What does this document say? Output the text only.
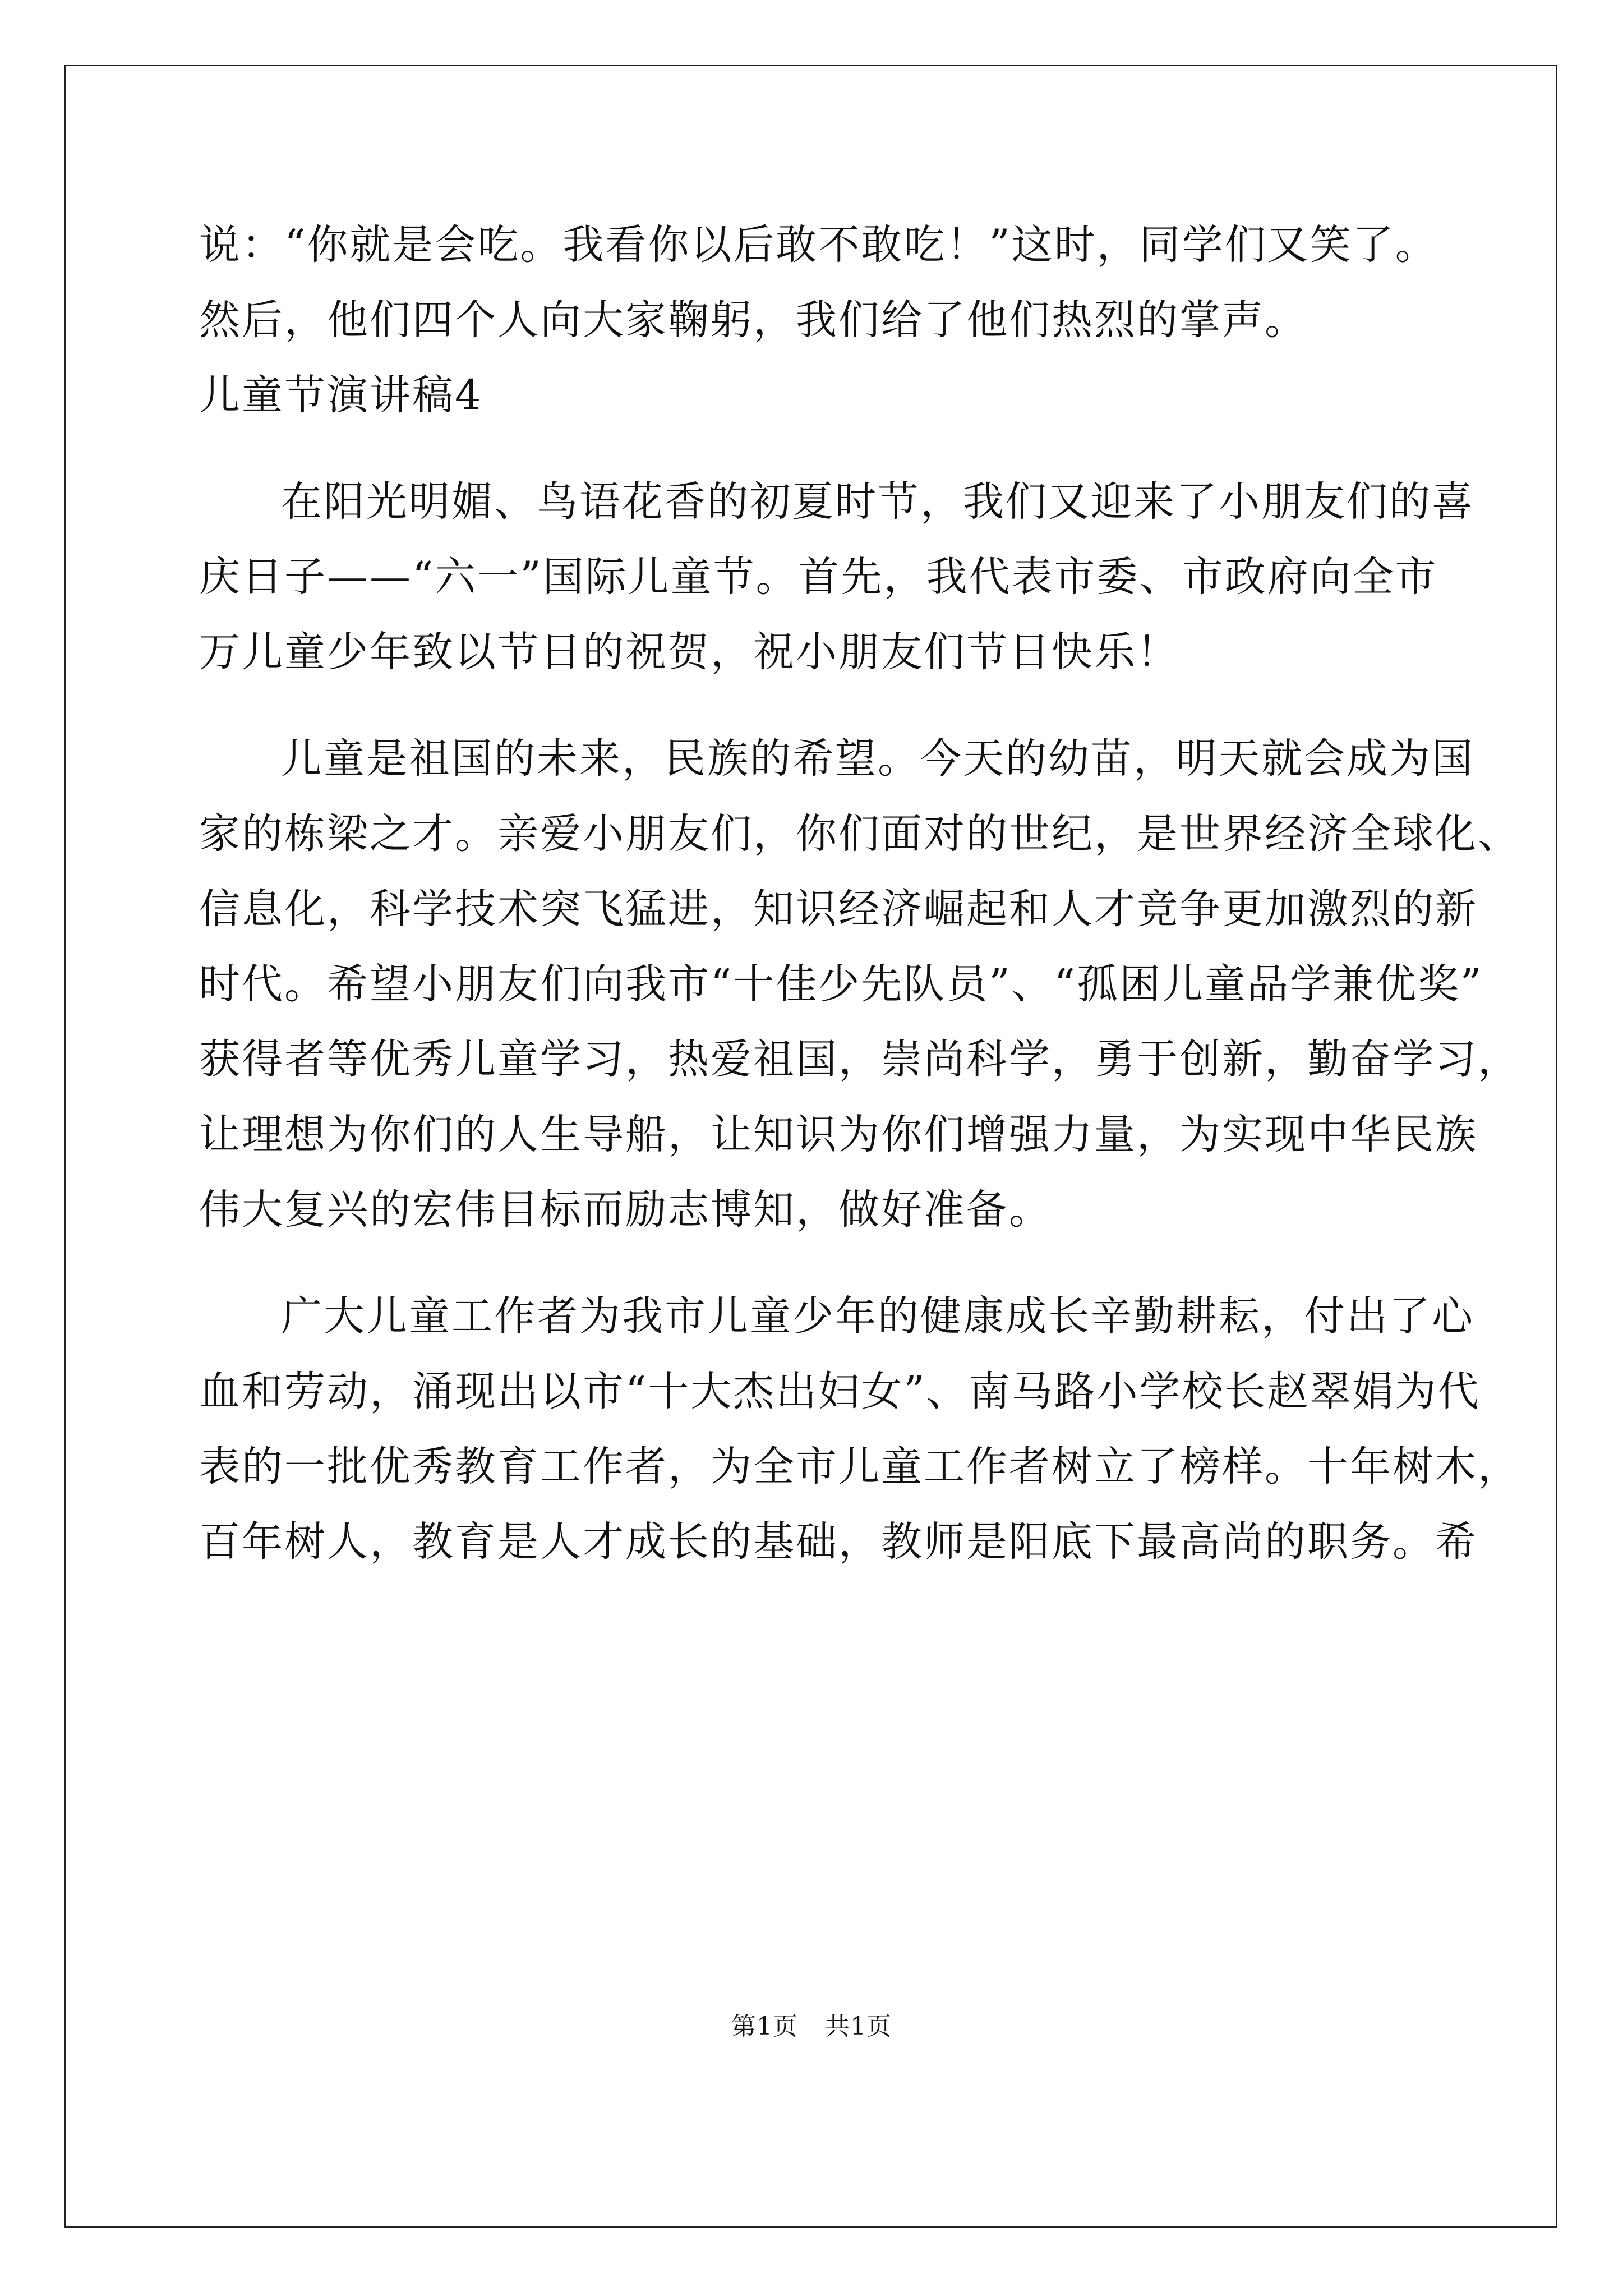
说：“你就是会吃。我看你以后敢不敢吃！”这时，同学们又笑了。
然后，他们四个人向大家鞠躬，我们给了他们热烈的掌声。
儿童节演讲稿4
在阳光明媚、鸟语花香的初夏时节，我们又迎来了小朋友们的喜
庆日子——“六一”国际儿童节。首先，我代表市委、市政府向全市
万儿童少年致以节日的祝贺，祝小朋友们节日快乐！
儿童是祖国的未来，民族的希望。今天的幼苗，明天就会成为国
家的栋梁之才。亲爱小朋友们，你们面对的世纪，是世界经济全球化、
信息化，科学技术突飞猛进，知识经济崛起和人才竞争更加激烈的新
时代。希望小朋友们向我市“十佳少先队员”、“孤困儿童品学兼优奖”
获得者等优秀儿童学习，热爱祖国，崇尚科学，勇于创新，勤奋学习，
让理想为你们的人生导船，让知识为你们增强力量，为实现中华民族
伟大复兴的宏伟目标而励志博知，做好准备。
广大儿童工作者为我市儿童少年的健康成长辛勤耕耘，付出了心
血和劳动，涌现出以市“十大杰出妇女”、南马路小学校长赵翠娟为代
表的一批优秀教育工作者，为全市儿童工作者树立了榜样。十年树木，
百年树人，教育是人才成长的基础，教师是阳底下最高尚的职务。希
第1页 共1页
